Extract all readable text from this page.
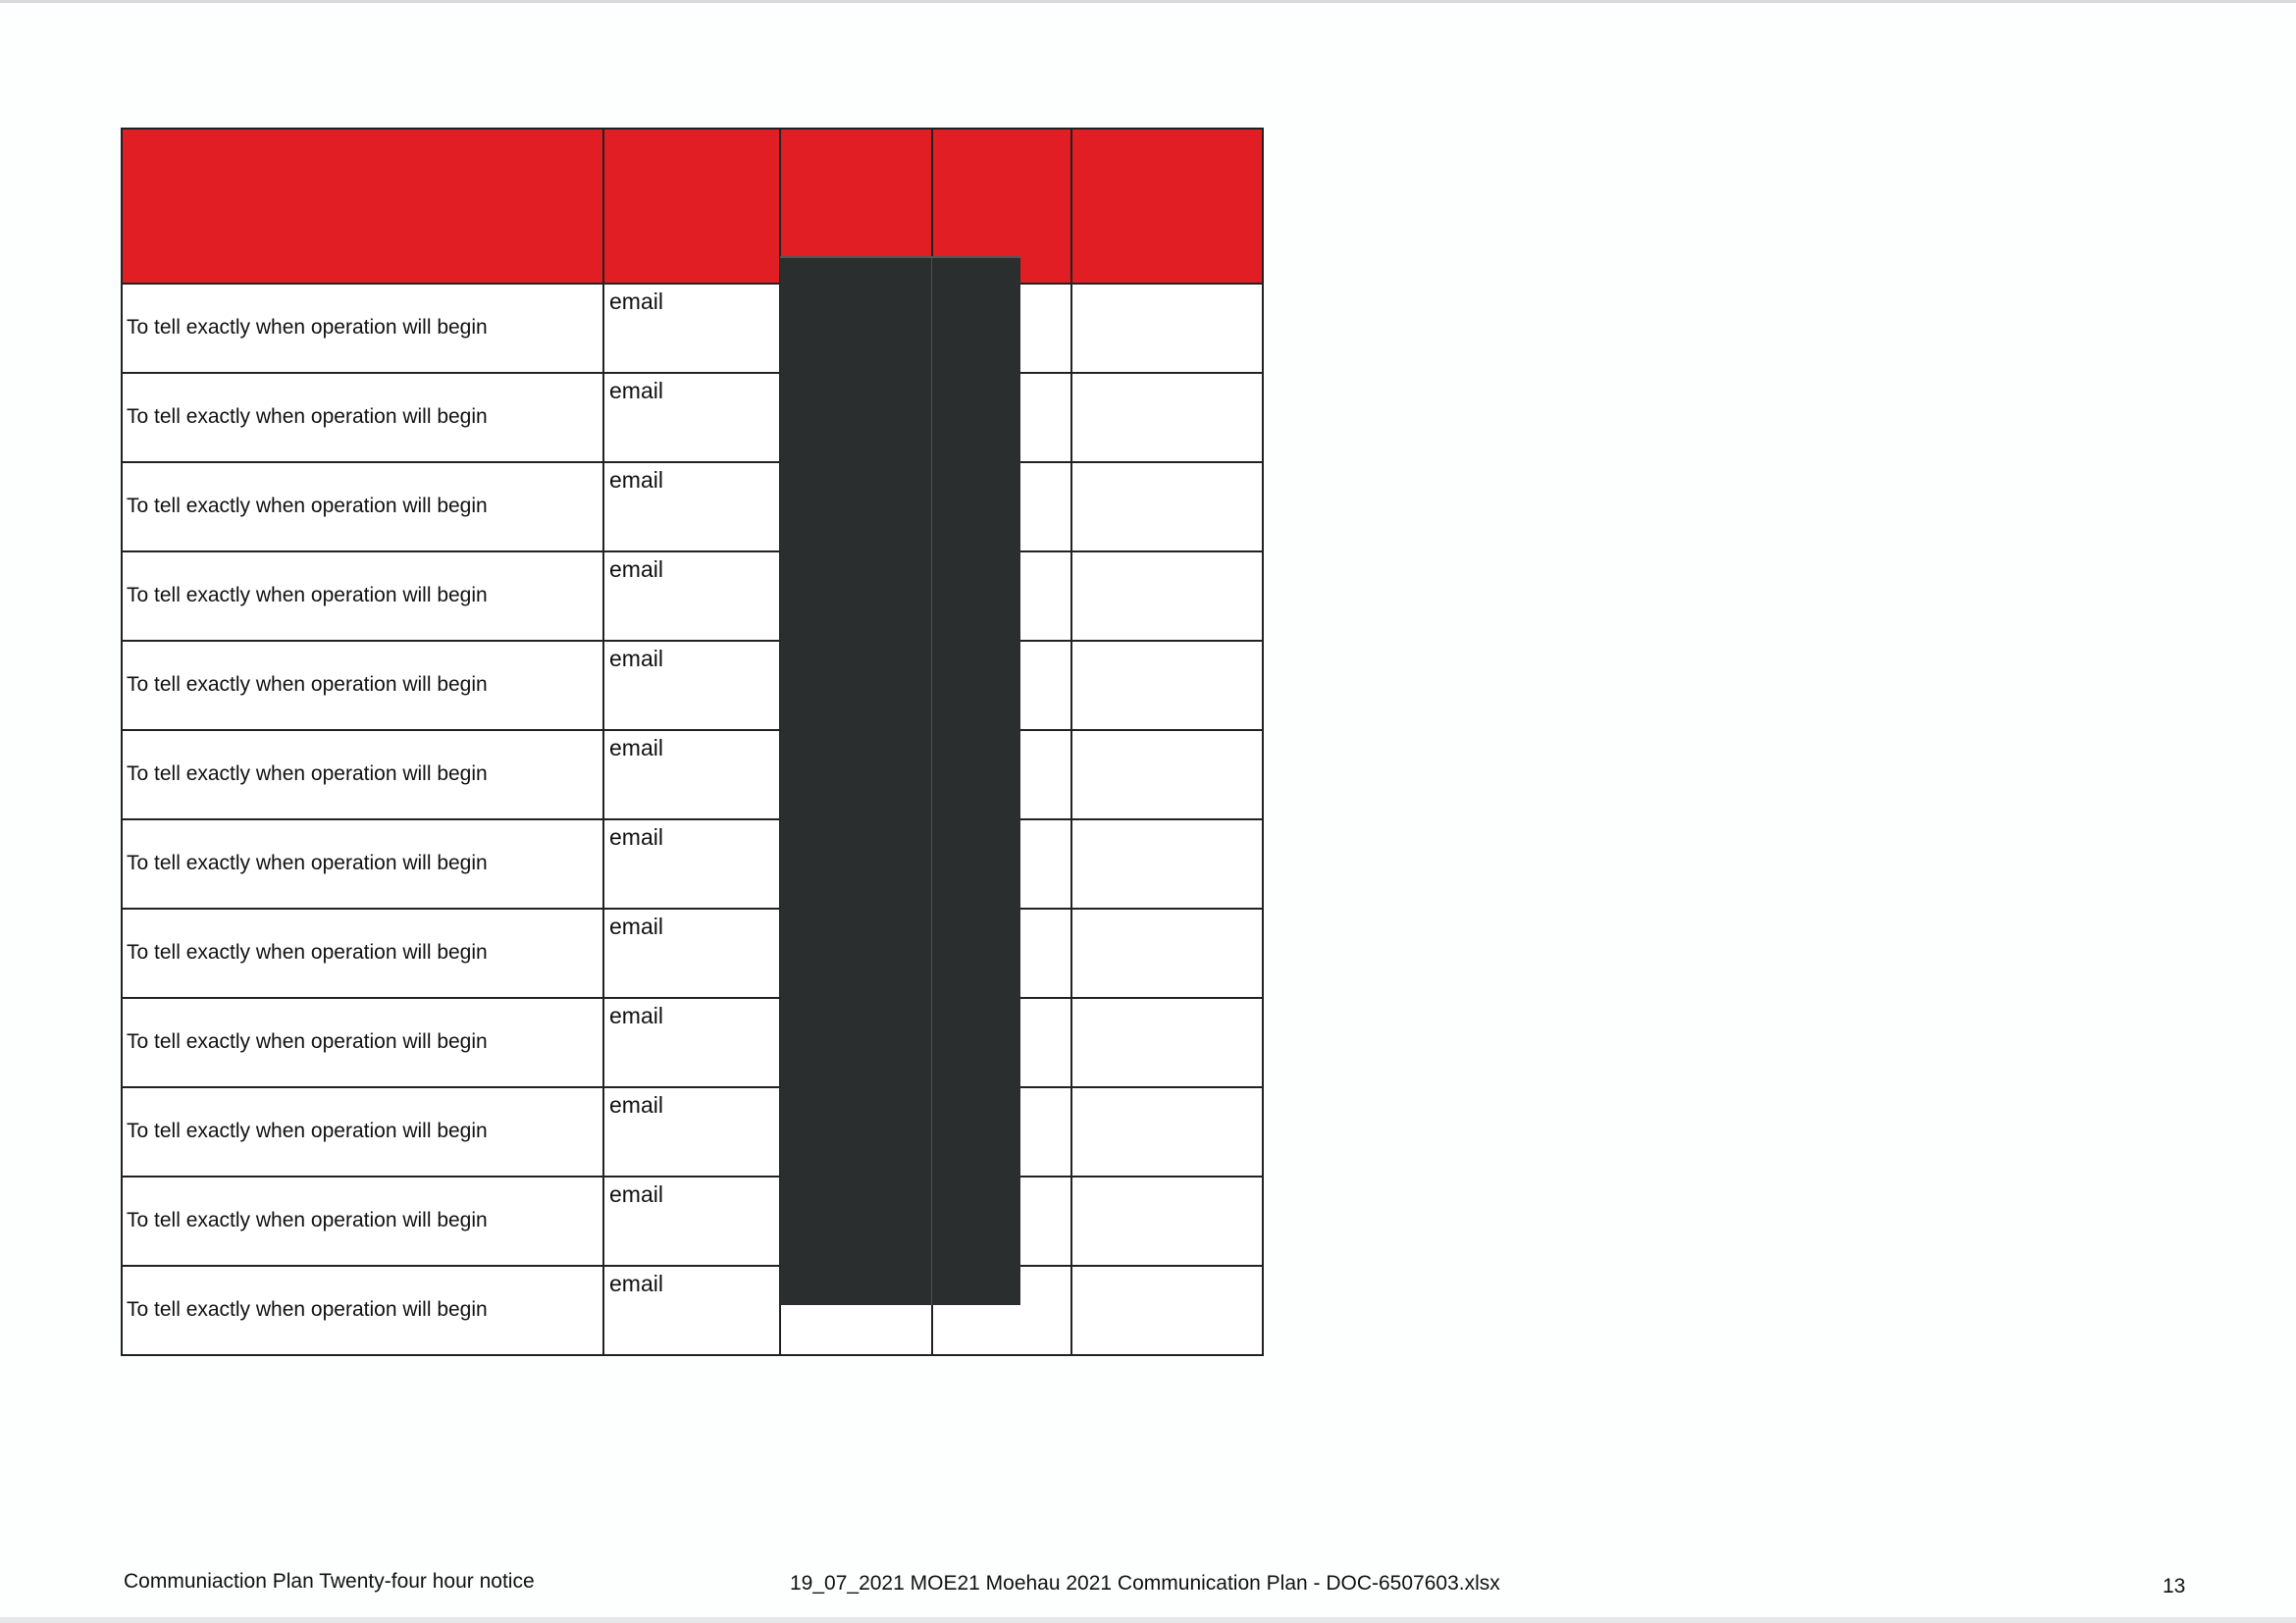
To tell exactly when operation will begin	email			

To tell exactly when operation will begin	email			

To tell exactly when operation will begin	email			

To tell exactly when operation will begin	email			

To tell exactly when operation will begin	email			

To tell exactly when operation will begin	email			

To tell exactly when operation will begin	email			

To tell exactly when operation will begin	email			

To tell exactly when operation will begin	email			

To tell exactly when operation will begin	email			

To tell exactly when operation will begin	email			

To tell exactly when operation will begin	email			

Communiaction Plan Twenty-four hour notice	19_07_2021 MOE21 Moehau 2021 Communication Plan - DOC-6507603.xlsx	13
